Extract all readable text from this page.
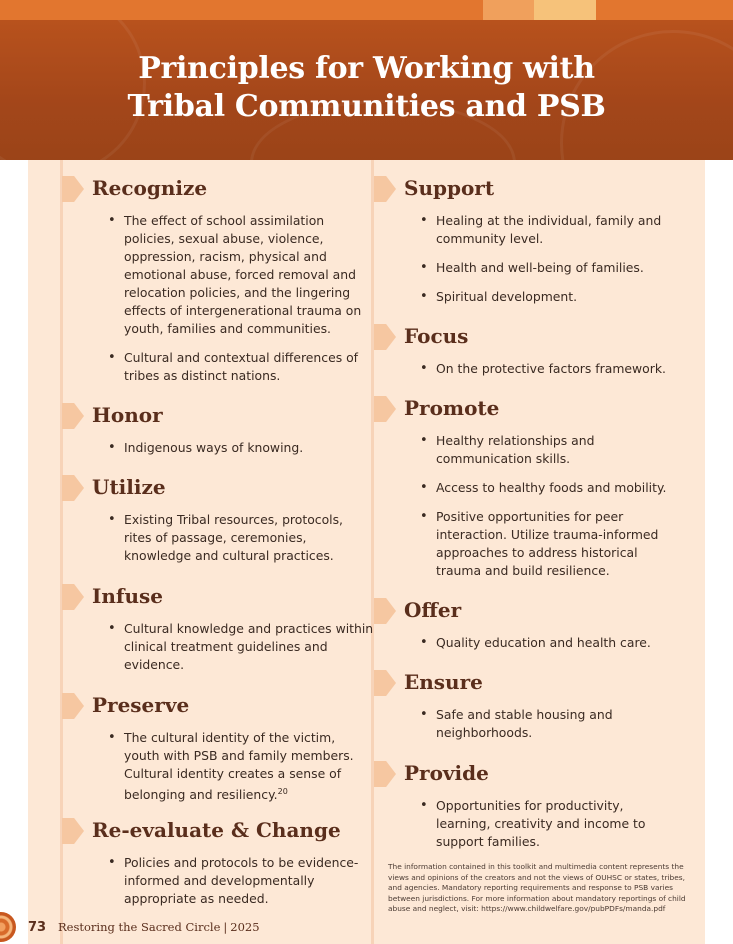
Principles for Working with
Tribal Communities and PSB
Recognize
• The effect of school assimilation policies, sexual abuse, violence, oppression, racism, physical and emotional abuse, forced removal and relocation policies, and the lingering effects of intergenerational trauma on youth, families and communities.
• Cultural and contextual differences of tribes as distinct nations.
Honor
• Indigenous ways of knowing.
Utilize
• Existing Tribal resources, protocols, rites of passage, ceremonies, knowledge and cultural practices.
Infuse
• Cultural knowledge and practices within clinical treatment guidelines and evidence.
Preserve
• The cultural identity of the victim, youth with PSB and family members. Cultural identity creates a sense of belonging and resiliency.$^{20}$
Re-evaluate & Change
• Policies and protocols to be evidence-informed and developmentally appropriate as needed.
Support
• Healing at the individual, family and community level.
• Health and well-being of families.
• Spiritual development.
Focus
• On the protective factors framework.
Promote
• Healthy relationships and communication skills.
• Access to healthy foods and mobility.
• Positive opportunities for peer interaction. Utilize trauma-informed approaches to address historical trauma and build resilience.
Offer
• Quality education and health care.
Ensure
• Safe and stable housing and neighborhoods.
Provide
• Opportunities for productivity, learning, creativity and income to support families.
The information contained in this toolkit and multimedia content represents the views and opinions of the creators and not the views of OUHSC or states, tribes, and agencies. Mandatory reporting requirements and response to PSB varies between jurisdictions. For more information about mandatory reportings of child abuse and neglect, visit: https://www.childwelfare.gov/pubPDFs/manda.pdf
73 Restoring the Sacred Circle | 2025
